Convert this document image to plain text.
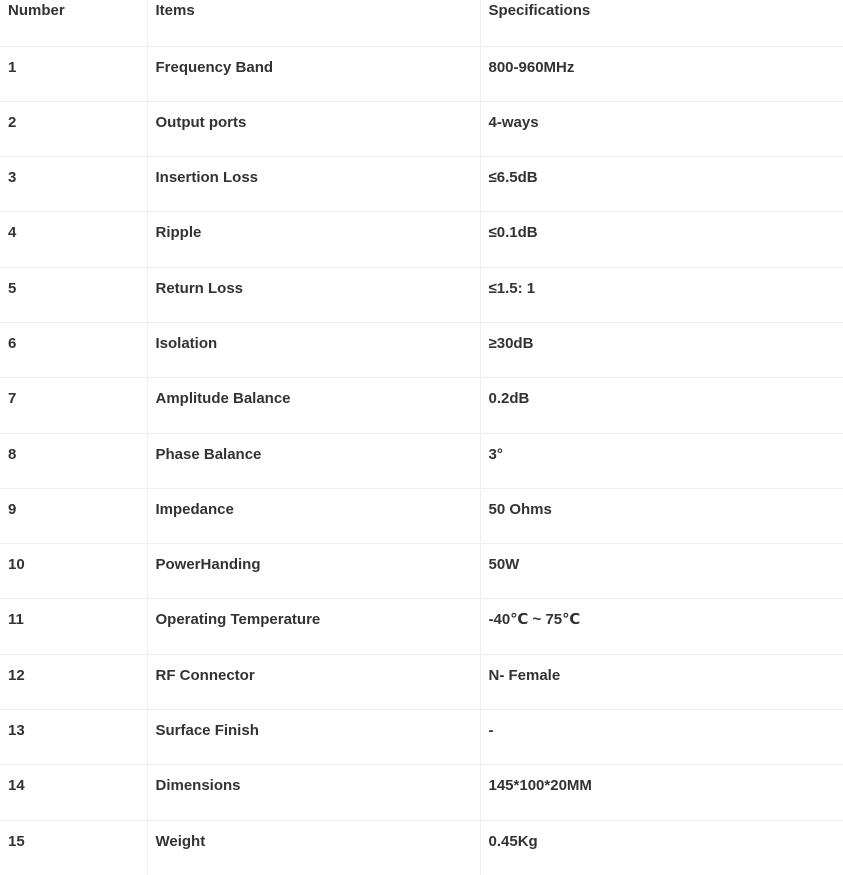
Number	Items	Specifications
1	Frequency Band	800-960MHz
2	Output ports	4-ways
3	Insertion Loss	≤6.5dB
4	Ripple	≤0.1dB
5	Return Loss	≤1.5: 1
6	Isolation	≥30dB
7	Amplitude Balance	0.2dB
8	Phase Balance	3°
9	Impedance	50 Ohms
10	PowerHanding	50W
11	Operating Temperature	-40℃ ~ 75℃
12	RF Connector	N- Female
13	Surface Finish	-
14	Dimensions	145*100*20MM
15	Weight	0.45Kg
